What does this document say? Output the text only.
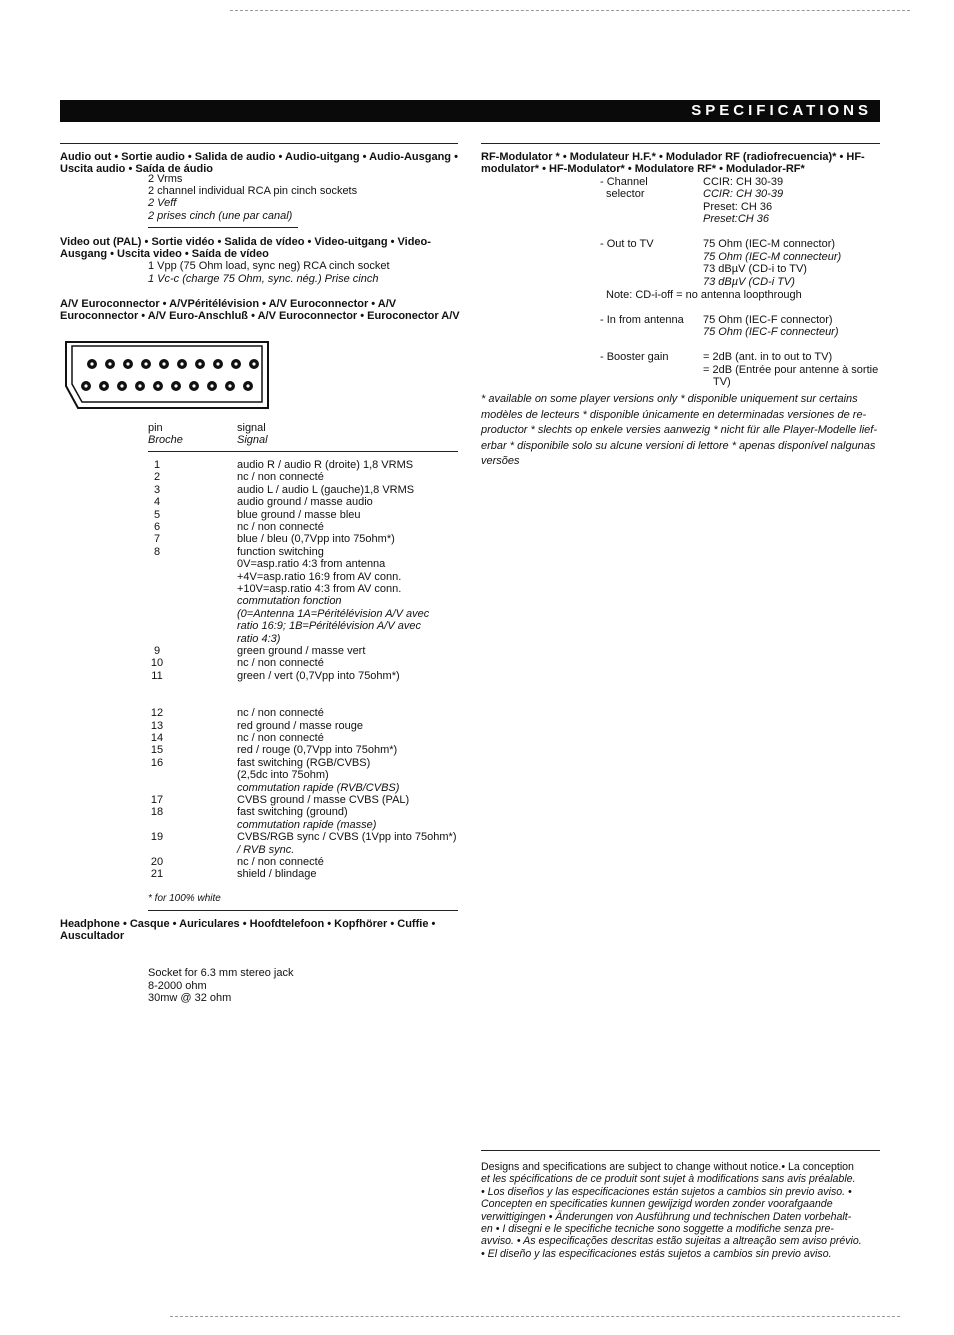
SPECIFICATIONS
Audio out • Sortie audio • Salida de audio • Audio-uitgang • Audio-Ausgang • Uscita audio • Saída de áudio
2 Vrms
2 channel individual RCA pin cinch sockets
2 Veff
2 prises cinch (une par canal)
Video out (PAL) • Sortie vidéo • Salida de vídeo • Video-uitgang • Video-Ausgang • Uscita video • Saída de vídeo
1 Vpp (75 Ohm load, sync neg) RCA cinch socket
1 Vc-c (charge 75 Ohm, sync. nég.) Prise cinch
A/V Euroconnector • A/VPéritélévision • A/V Euroconnector • A/V Euroconnector • A/V Euro-Anschluß • A/V Euroconnector • Euroconector A/V
pin
Broche
signal
Signal
1	audio R / audio R (droite) 1,8 VRMS
2	nc / non connecté
3	audio L / audio L (gauche)1,8 VRMS
4	audio ground / masse audio
5	blue ground / masse bleu
6	nc / non connecté
7	blue / bleu (0,7Vpp into 75ohm*)
8	function switching
0V=asp.ratio 4:3 from antenna
+4V=asp.ratio 16:9 from AV conn.
+10V=asp.ratio 4:3 from AV conn.
commutation fonction
(0=Antenna 1A=Péritélévision A/V avec
ratio 16:9; 1B=Péritélévision A/V avec
ratio 4:3)
9	green ground / masse vert
10	nc / non connecté
11	green / vert (0,7Vpp into 75ohm*)
12	nc / non connecté
13	red ground / masse rouge
14	nc / non connecté
15	red / rouge (0,7Vpp into 75ohm*)
16	fast switching (RGB/CVBS)
(2,5dc into 75ohm)
commutation rapide (RVB/CVBS)
17	CVBS ground / masse CVBS (PAL)
18	fast switching (ground)
commutation rapide (masse)
19	CVBS/RGB sync / CVBS (1Vpp into 75ohm*)
/ RVB sync.
20	nc / non connecté
21	shield / blindage
* for 100% white
Headphone • Casque • Auriculares • Hoofdtelefoon • Kopfhörer • Cuffie • Auscultador
Socket for 6.3 mm stereo jack
8-2000 ohm
30mw @ 32 ohm
RF-Modulator * • Modulateur H.F.* • Modulador RF (radiofrecuencia)* • HF-modulator* • HF-Modulator* • Modulatore RF* • Modulador-RF*
- Channel
selector
CCIR: CH 30-39
CCIR: CH 30-39
Preset: CH 36
Preset:CH 36
- Out to TV	75 Ohm (IEC-M connector)
75 Ohm (IEC-M connecteur)
73 dBµV (CD-i to TV)
73 dBµV (CD-i TV)
Note: CD-i-off = no antenna loopthrough
- In from antenna 75 Ohm (IEC-F connector)
75 Ohm (IEC-F connecteur)
- Booster gain	= 2dB (ant. in to out to TV)
= 2dB (Entrée pour antenne à sortie
TV)
* available on some player versions only * disponible uniquement sur certains
modèles de lecteurs * disponible únicamente en determinadas versiones de re-
productor * slechts op enkele versies aanwezig * nicht für alle Player-Modelle lief-
erbar * disponibile solo su alcune versioni di lettore * apenas disponível nalgunas
versões
Designs and specifications are subject to change without notice.• La conception
et les spécifications de ce produit sont sujet à modifications sans avis préalable.
• Los diseños y las especificaciones están sujetos a cambios sin previo aviso. •
Concepten en specificaties kunnen gewijzigd worden zonder voorafgaande
verwittigingen • Änderungen von Ausführung und technischen Daten vorbehalt-
en • I disegni e le specifiche tecniche sono soggette a modifiche senza pre-
avviso. • As especificações descritas estão sujeitas a altreação sem aviso prévio.
• El diseño y las especificaciones estás sujetos a cambios sin previo aviso.
